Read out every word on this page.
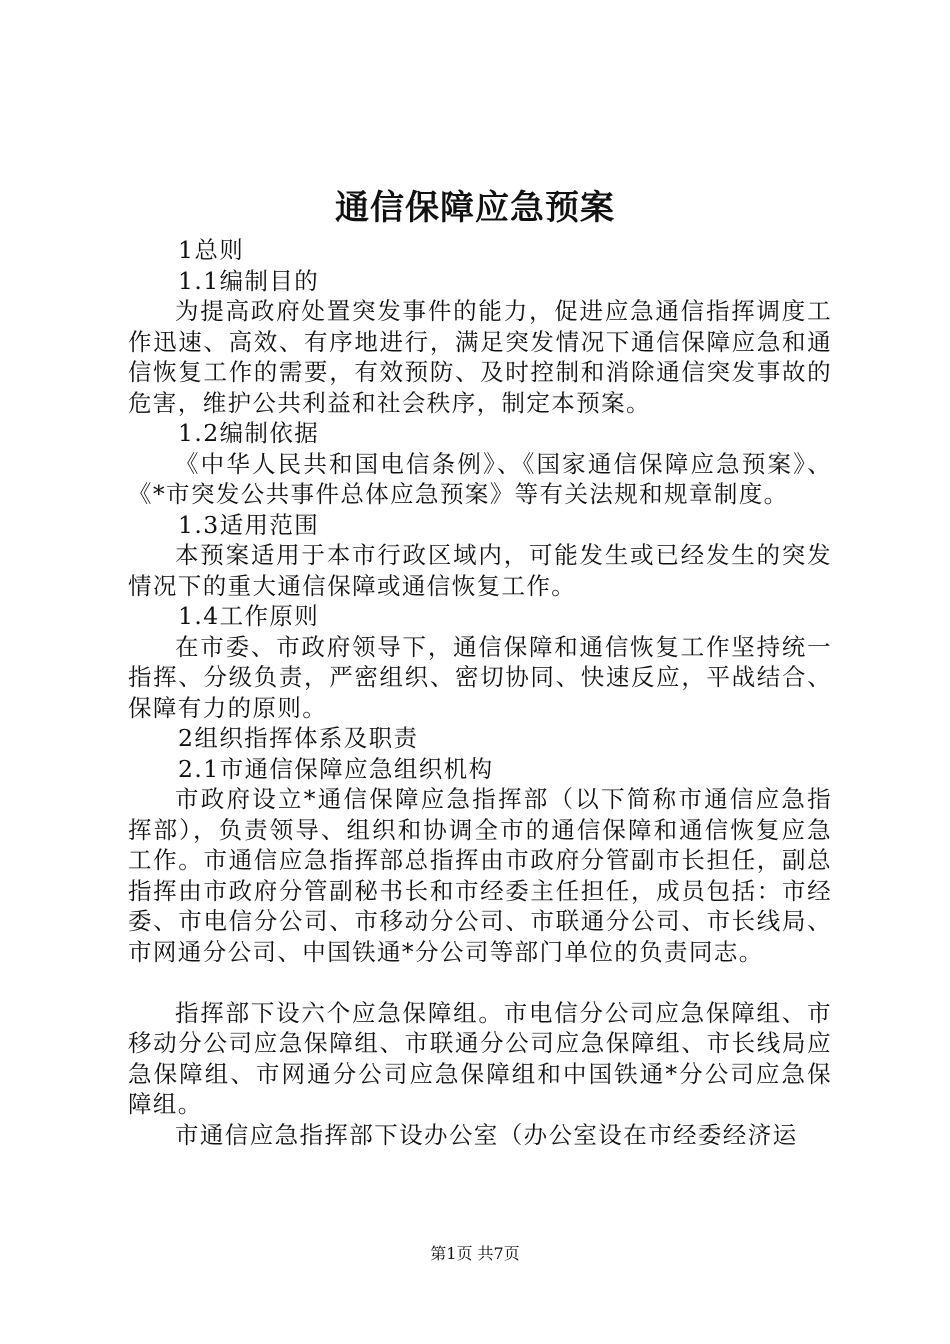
通信保障应急预案

1总则

1.1编制目的

为提高政府处置突发事件的能力，促进应急通信指挥调度工作迅速、高效、有序地进行，满足突发情况下通信保障应急和通信恢复工作的需要，有效预防、及时控制和消除通信突发事故的危害，维护公共利益和社会秩序，制定本预案。

1.2编制依据

《中华人民共和国电信条例》、《国家通信保障应急预案》、《*市突发公共事件总体应急预案》等有关法规和规章制度。

1.3适用范围

本预案适用于本市行政区域内，可能发生或已经发生的突发情况下的重大通信保障或通信恢复工作。

1.4工作原则

在市委、市政府领导下，通信保障和通信恢复工作坚持统一指挥、分级负责，严密组织、密切协同、快速反应，平战结合、保障有力的原则。

2组织指挥体系及职责

2.1市通信保障应急组织机构

市政府设立*通信保障应急指挥部（以下简称市通信应急指挥部），负责领导、组织和协调全市的通信保障和通信恢复应急工作。市通信应急指挥部总指挥由市政府分管副市长担任，副总指挥由市政府分管副秘书长和市经委主任担任，成员包括：市经委、市电信分公司、市移动分公司、市联通分公司、市长线局、市网通分公司、中国铁通*分公司等部门单位的负责同志。

指挥部下设六个应急保障组。市电信分公司应急保障组、市移动分公司应急保障组、市联通分公司应急保障组、市长线局应急保障组、市网通分公司应急保障组和中国铁通*分公司应急保障组。

市通信应急指挥部下设办公室（办公室设在市经委经济运

第1页 共7页
